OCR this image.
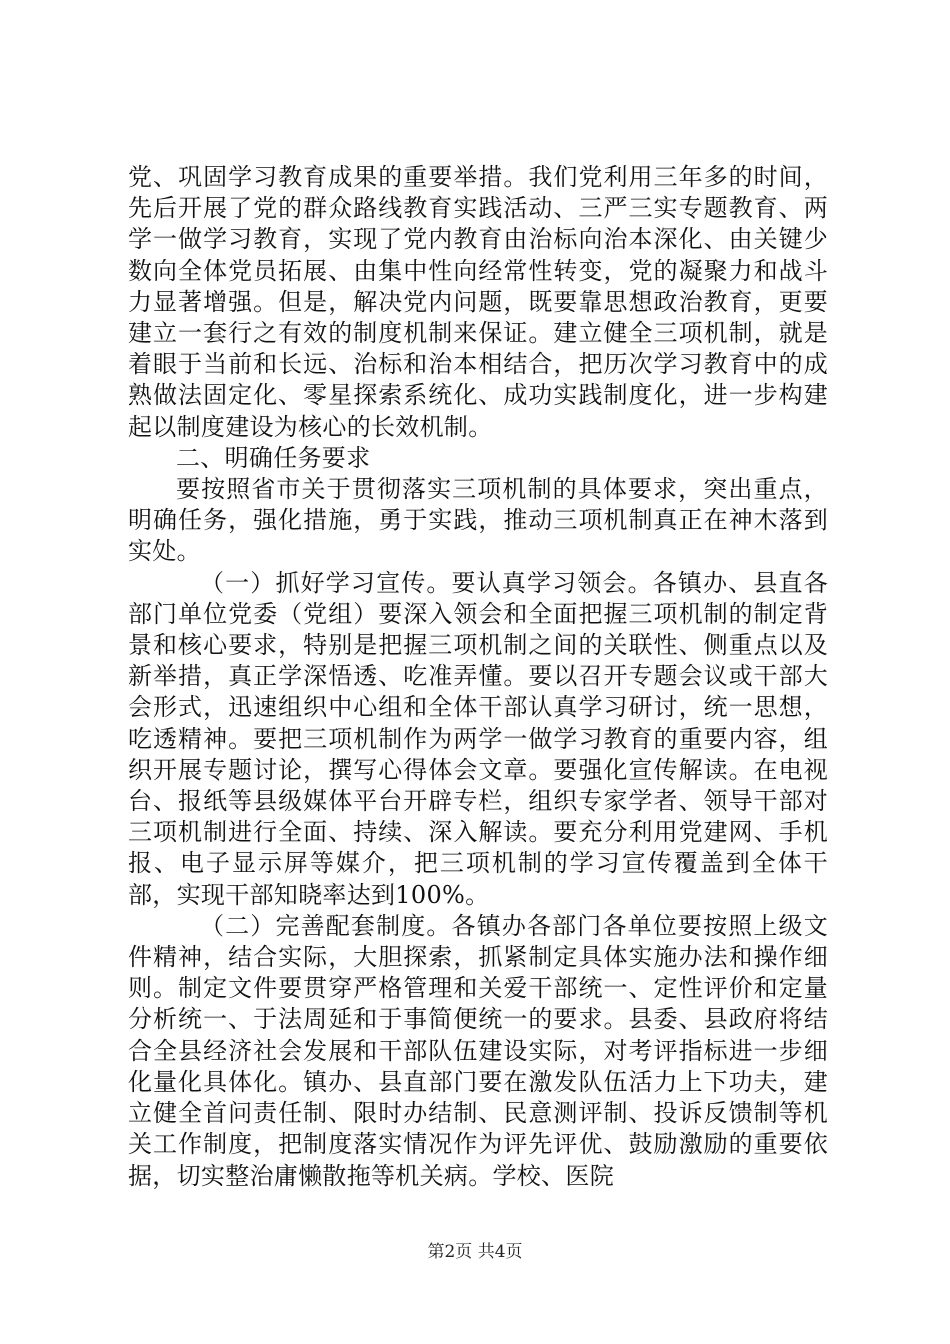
党、巩固学习教育成果的重要举措。我们党利用三年多的时间，先后开展了党的群众路线教育实践活动、三严三实专题教育、两学一做学习教育，实现了党内教育由治标向治本深化、由关键少数向全体党员拓展、由集中性向经常性转变，党的凝聚力和战斗力显著增强。但是，解决党内问题，既要靠思想政治教育，更要建立一套行之有效的制度机制来保证。建立健全三项机制，就是着眼于当前和长远、治标和治本相结合，把历次学习教育中的成熟做法固定化、零星探索系统化、成功实践制度化，进一步构建起以制度建设为核心的长效机制。

二、明确任务要求

要按照省市关于贯彻落实三项机制的具体要求，突出重点，明确任务，强化措施，勇于实践，推动三项机制真正在神木落到实处。

（一）抓好学习宣传。要认真学习领会。各镇办、县直各部门单位党委（党组）要深入领会和全面把握三项机制的制定背景和核心要求，特别是把握三项机制之间的关联性、侧重点以及新举措，真正学深悟透、吃准弄懂。要以召开专题会议或干部大会形式，迅速组织中心组和全体干部认真学习研讨，统一思想，吃透精神。要把三项机制作为两学一做学习教育的重要内容，组织开展专题讨论，撰写心得体会文章。要强化宣传解读。在电视台、报纸等县级媒体平台开辟专栏，组织专家学者、领导干部对三项机制进行全面、持续、深入解读。要充分利用党建网、手机报、电子显示屏等媒介，把三项机制的学习宣传覆盖到全体干部，实现干部知晓率达到100%。

（二）完善配套制度。各镇办各部门各单位要按照上级文件精神，结合实际，大胆探索，抓紧制定具体实施办法和操作细则。制定文件要贯穿严格管理和关爱干部统一、定性评价和定量分析统一、于法周延和于事简便统一的要求。县委、县政府将结合全县经济社会发展和干部队伍建设实际，对考评指标进一步细化量化具体化。镇办、县直部门要在激发队伍活力上下功夫，建立健全首问责任制、限时办结制、民意测评制、投诉反馈制等机关工作制度，把制度落实情况作为评先评优、鼓励激励的重要依据，切实整治庸懒散拖等机关病。学校、医院

第2页 共4页
